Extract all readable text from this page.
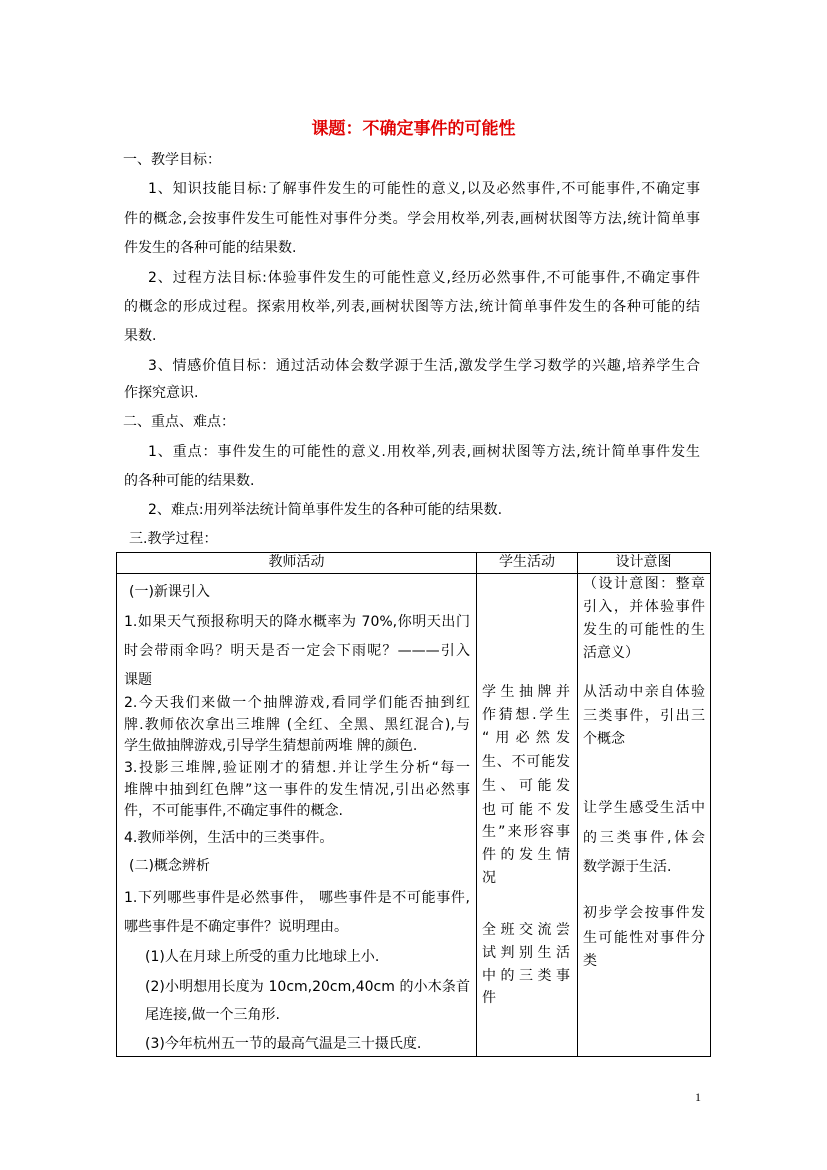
课题：不确定事件的可能性
一、教学目标：
1、知识技能目标:了解事件发生的可能性的意义,以及必然事件,不可能事件,不确定事
件的概念,会按事件发生可能性对事件分类。学会用枚举,列表,画树状图等方法,统计简单事
件发生的各种可能的结果数.
2、过程方法目标:体验事件发生的可能性意义,经历必然事件,不可能事件,不确定事件
的概念的形成过程。探索用枚举,列表,画树状图等方法,统计简单事件发生的各种可能的结
果数.
3、情感价值目标：通过活动体会数学源于生活,激发学生学习数学的兴趣,培养学生合
作探究意识.
二、重点、难点：
1、重点：事件发生的可能性的意义.用枚举,列表,画树状图等方法,统计简单事件发生
的各种可能的结果数.
2、难点:用列举法统计简单事件发生的各种可能的结果数.
三.教学过程：
教师活动	学生活动	设计意图
(一)新课引入
1.如果天气预报称明天的降水概率为 70%,你明天出门
时会带雨伞吗？明天是否一定会下雨呢？———引入
课题
2.今天我们来做一个抽牌游戏,看同学们能否抽到红
牌.教师依次拿出三堆牌 (全红、全黑、黑红混合),与
学生做抽牌游戏,引导学生猜想前两堆 牌的颜色.
3.投影三堆牌,验证刚才的猜想.并让学生分析“每一
堆牌中抽到红色牌”这一事件的发生情况,引出必然事
件，不可能事件,不确定事件的概念.
4.教师举例，生活中的三类事件。
(二)概念辨析
1.下列哪些事件是必然事件， 哪些事件是不可能事件,
哪些事件是不确定事件？说明理由。
(1)人在月球上所受的重力比地球上小.
(2)小明想用长度为 10cm,20cm,40cm 的小木条首
尾连接,做一个三角形.
(3)今年杭州五一节的最高气温是三十摄氏度.
学生抽牌并
作猜想.学生
“用必然发
生、不可能发
生、可能发
也可能不发
生”来形容事
件的发生情
况
全班交流尝
试判别生活
中的三类事
件
（设计意图：整章
引入，并体验事件
发生的可能性的生
活意义）
从活动中亲自体验
三类事件，引出三
个概念
让学生感受生活中
的三类事件,体会
数学源于生活.
初步学会按事件发
生可能性对事件分
类
1
